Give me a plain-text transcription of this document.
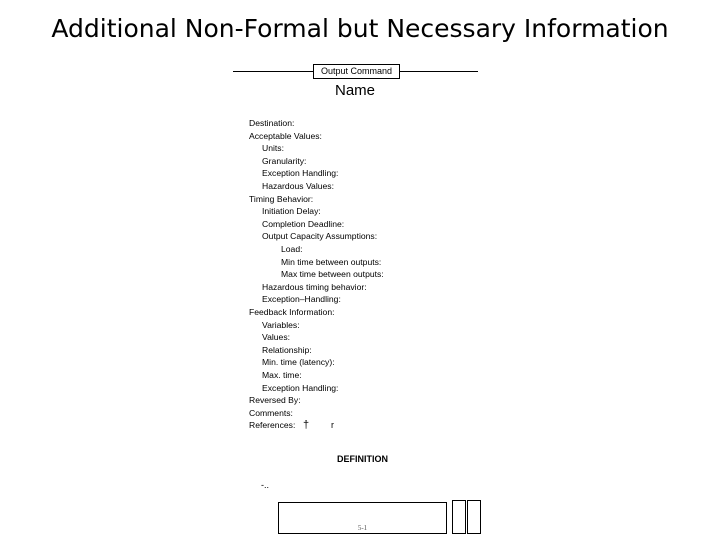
Additional Non-Formal but Necessary Information
Output Command
Name
Destination:
Acceptable Values:
Units:
Granularity:
Exception Handling:
Hazardous Values:
Timing Behavior:
Initiation Delay:
Completion Deadline:
Output Capacity Assumptions:
Load:
Min time between outputs:
Max time between outputs:
Hazardous timing behavior:
Exception–Handling:
Feedback Information:
Variables:
Values:
Relationship:
Min. time (latency):
Max. time:
Exception Handling:
Reversed By:
Comments:
References: † r
DEFINITION
-..
5-1
